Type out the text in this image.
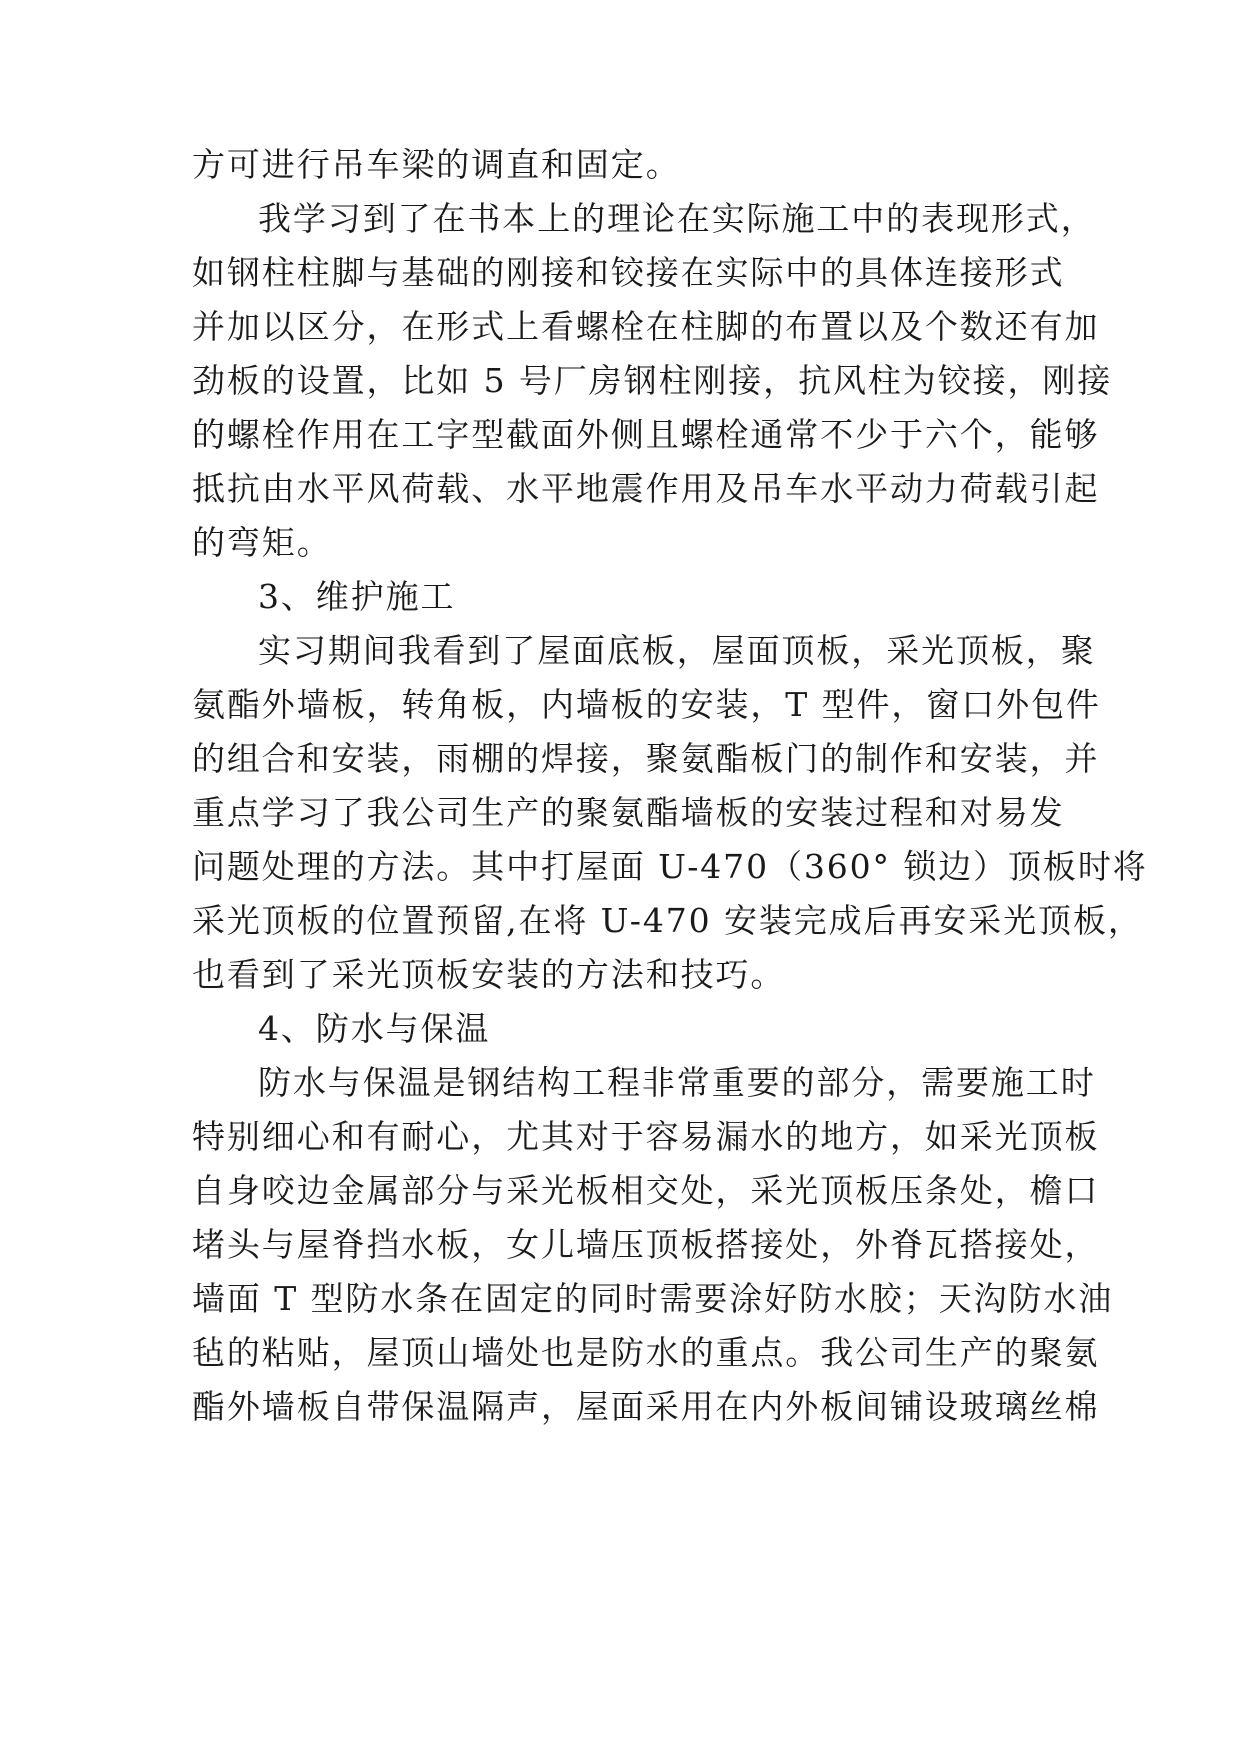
方可进行吊车梁的调直和固定。
我学习到了在书本上的理论在实际施工中的表现形式，
如钢柱柱脚与基础的刚接和铰接在实际中的具体连接形式
并加以区分，在形式上看螺栓在柱脚的布置以及个数还有加
劲板的设置，比如 5 号厂房钢柱刚接，抗风柱为铰接，刚接
的螺栓作用在工字型截面外侧且螺栓通常不少于六个，能够
抵抗由水平风荷载、水平地震作用及吊车水平动力荷载引起
的弯矩。
3、维护施工
实习期间我看到了屋面底板，屋面顶板，采光顶板，聚
氨酯外墙板，转角板，内墙板的安装，T 型件，窗口外包件
的组合和安装，雨棚的焊接，聚氨酯板门的制作和安装，并
重点学习了我公司生产的聚氨酯墙板的安装过程和对易发
问题处理的方法。其中打屋面 U-470（360° 锁边）顶板时将
采光顶板的位置预留,在将 U-470 安装完成后再安采光顶板，
也看到了采光顶板安装的方法和技巧。
4、防水与保温
防水与保温是钢结构工程非常重要的部分，需要施工时
特别细心和有耐心，尤其对于容易漏水的地方，如采光顶板
自身咬边金属部分与采光板相交处，采光顶板压条处，檐口
堵头与屋脊挡水板，女儿墙压顶板搭接处，外脊瓦搭接处，
墙面 T 型防水条在固定的同时需要涂好防水胶；天沟防水油
毡的粘贴，屋顶山墙处也是防水的重点。我公司生产的聚氨
酯外墙板自带保温隔声，屋面采用在内外板间铺设玻璃丝棉
